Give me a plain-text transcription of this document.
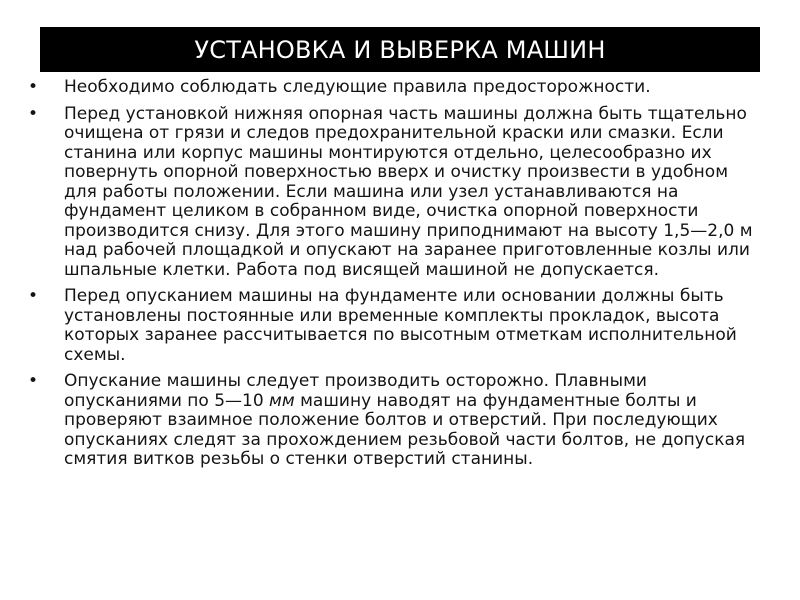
УСТАНОВКА И ВЫВЕРКА МАШИН
• Необходимо соблюдать следующие правила предосторожности.
• Перед установкой нижняя опорная часть машины должна быть тщательно очищена от грязи и следов предохранительной краски или смазки. Если станина или корпус машины монтируются отдельно, целесообразно их повернуть опорной поверхностью вверх и очистку произвести в удобном для работы положении. Если машина или узел устанавливаются на фундамент целиком в собранном виде, очистка опорной поверхности производится снизу. Для этого машину приподнимают на высоту 1,5—2,0 м над рабочей площадкой и опускают на заранее приготовленные козлы или шпальные клетки. Работа под висящей машиной не допускается.
• Перед опусканием машины на фундаменте или основании должны быть установлены постоянные или временные комплекты прокладок, высота которых заранее рассчитывается по высотным отметкам исполнительной схемы.
• Опускание машины следует производить осторожно. Плавными опусканиями по 5—10 мм машину наводят на фундаментные болты и проверяют взаимное положение болтов и отверстий. При последующих опусканиях следят за прохождением резьбовой части болтов, не допуская смятия витков резьбы о стенки отверстий станины.
